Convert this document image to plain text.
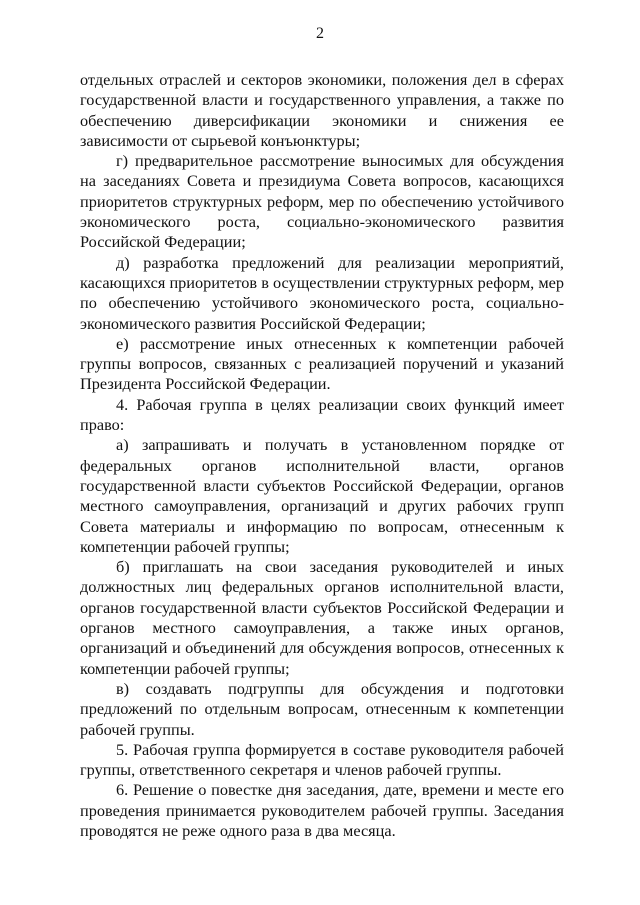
2

отдельных отраслей и секторов экономики, положения дел в сферах государственной власти и государственного управления, а также по обеспечению диверсификации экономики и снижения ее зависимости от сырьевой конъюнктуры;

г) предварительное рассмотрение выносимых для обсуждения на заседаниях Совета и президиума Совета вопросов, касающихся приоритетов структурных реформ, мер по обеспечению устойчивого экономического роста, социально-экономического развития Российской Федерации;

д) разработка предложений для реализации мероприятий, касающихся приоритетов в осуществлении структурных реформ, мер по обеспечению устойчивого экономического роста, социально-экономического развития Российской Федерации;

е) рассмотрение иных отнесенных к компетенции рабочей группы вопросов, связанных с реализацией поручений и указаний Президента Российской Федерации.

4. Рабочая группа в целях реализации своих функций имеет право:

а) запрашивать и получать в установленном порядке от федеральных органов исполнительной власти, органов государственной власти субъектов Российской Федерации, органов местного самоуправления, организаций и других рабочих групп Совета материалы и информацию по вопросам, отнесенным к компетенции рабочей группы;

б) приглашать на свои заседания руководителей и иных должностных лиц федеральных органов исполнительной власти, органов государственной власти субъектов Российской Федерации и органов местного самоуправления, а также иных органов, организаций и объединений для обсуждения вопросов, отнесенных к компетенции рабочей группы;

в) создавать подгруппы для обсуждения и подготовки предложений по отдельным вопросам, отнесенным к компетенции рабочей группы.

5. Рабочая группа формируется в составе руководителя рабочей группы, ответственного секретаря и членов рабочей группы.

6. Решение о повестке дня заседания, дате, времени и месте его проведения принимается руководителем рабочей группы. Заседания проводятся не реже одного раза в два месяца.
